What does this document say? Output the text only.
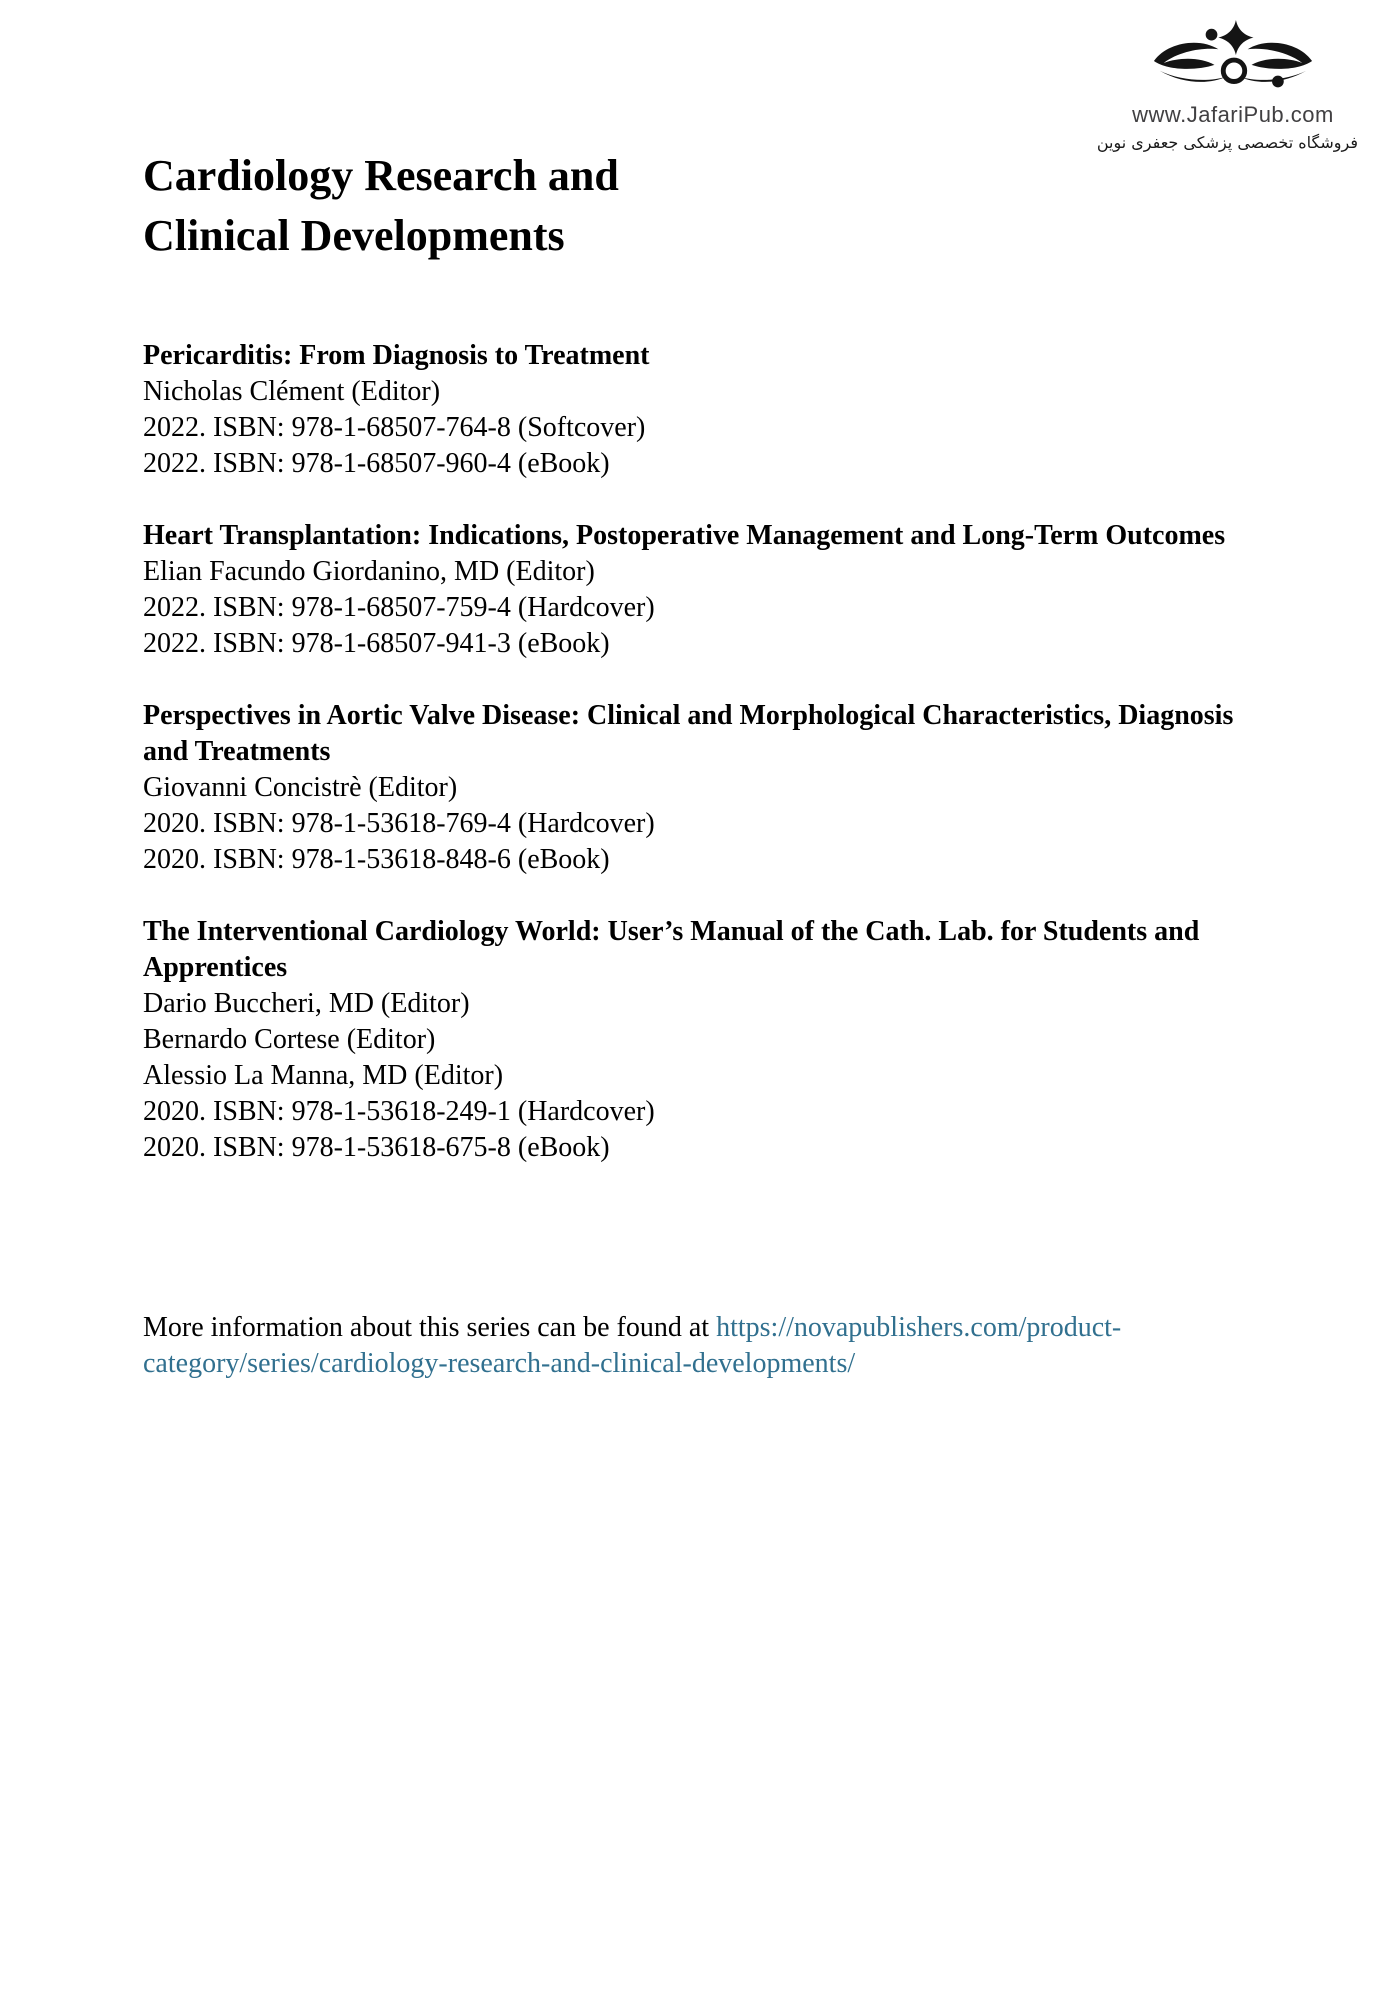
www.JafariPub.com
فروشگاه تخصصی پزشکی جعفری نوین
Cardiology Research and
Clinical Developments
Pericarditis: From Diagnosis to Treatment
Nicholas Clément (Editor)
2022. ISBN: 978-1-68507-764-8 (Softcover)
2022. ISBN: 978-1-68507-960-4 (eBook)
Heart Transplantation: Indications, Postoperative Management and Long-Term Outcomes
Elian Facundo Giordanino, MD (Editor)
2022. ISBN: 978-1-68507-759-4 (Hardcover)
2022. ISBN: 978-1-68507-941-3 (eBook)
Perspectives in Aortic Valve Disease: Clinical and Morphological Characteristics, Diagnosis and Treatments
Giovanni Concistrè (Editor)
2020. ISBN: 978-1-53618-769-4 (Hardcover)
2020. ISBN: 978-1-53618-848-6 (eBook)
The Interventional Cardiology World: User’s Manual of the Cath. Lab. for Students and Apprentices
Dario Buccheri, MD (Editor)
Bernardo Cortese (Editor)
Alessio La Manna, MD (Editor)
2020. ISBN: 978-1-53618-249-1 (Hardcover)
2020. ISBN: 978-1-53618-675-8 (eBook)
More information about this series can be found at https://novapublishers.com/product-category/series/cardiology-research-and-clinical-developments/
